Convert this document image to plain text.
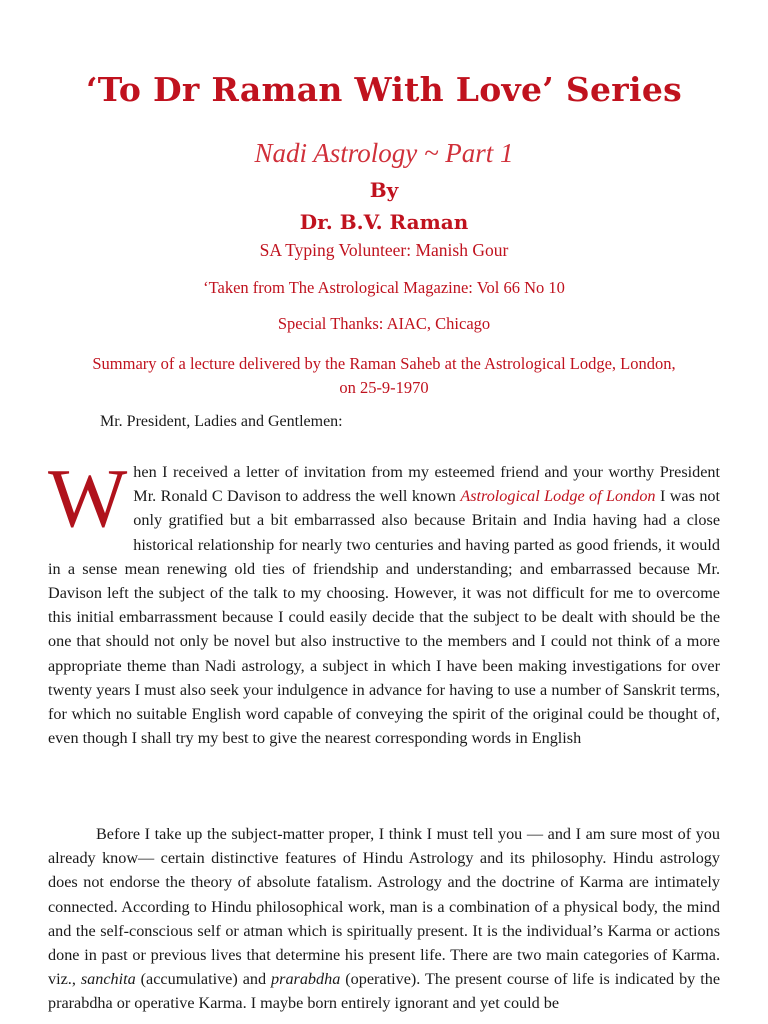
‘To Dr Raman With Love’ Series
Nadi Astrology ~ Part 1
By
Dr. B.V. Raman
SA Typing Volunteer: Manish Gour
‘Taken from The Astrological Magazine: Vol 66 No 10
Special Thanks: AIAC, Chicago
Summary of a lecture delivered by the Raman Saheb at the Astrological Lodge, London,
on 25-9-1970
Mr. President, Ladies and Gentlemen:
When I received a letter of invitation from my esteemed friend and your worthy President Mr. Ronald C Davison to address the well known Astrological Lodge of London I was not only gratified but a bit embarrassed also because Britain and India having had a close historical relationship for nearly two centuries and having parted as good friends, it would in a sense mean renewing old ties of friendship and understanding; and embarrassed because Mr. Davison left the subject of the talk to my choosing. However, it was not difficult for me to overcome this initial embarrassment because I could easily decide that the subject to be dealt with should be the one that should not only be novel but also instructive to the members and I could not think of a more appropriate theme than Nadi astrology, a subject in which I have been making investigations for over twenty years I must also seek your indulgence in advance for having to use a number of Sanskrit terms, for which no suitable English word capable of conveying the spirit of the original could be thought of, even though I shall try my best to give the nearest corresponding words in English
Before I take up the subject-matter proper, I think I must tell you — and I am sure most of you already know— certain distinctive features of Hindu Astrology and its philosophy. Hindu astrology does not endorse the theory of absolute fatalism. Astrology and the doctrine of Karma are intimately connected. According to Hindu philosophical work, man is a combination of a physical body, the mind and the self-conscious self or atman which is spiritually present. It is the individual’s Karma or actions done in past or previous lives that determine his present life. There are two main categories of Karma. viz., sanchita (accumulative) and prarabdha (operative). The present course of life is indicated by the prarabdha or operative Karma. I maybe born entirely ignorant and yet could be
